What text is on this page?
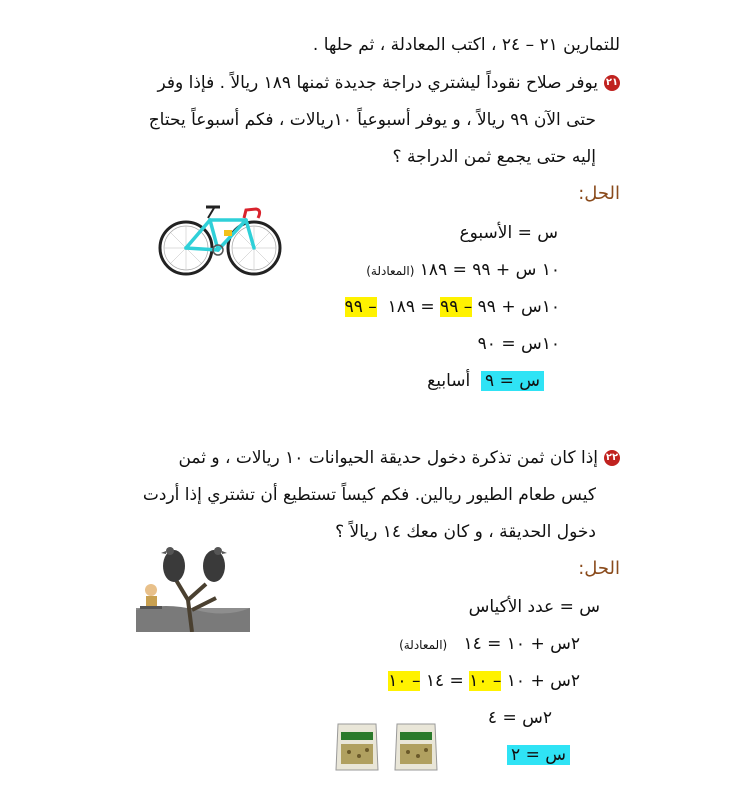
للتمارين ٢١ – ٢٤ ، اكتب المعادلة ، ثم حلها .
٢١يوفر صلاح نقوداً ليشتري دراجة جديدة ثمنها ١٨٩ ريالاً . فإذا وفر
حتى الآن ٩٩ ريالاً ، و يوفر أسبوعياً ١٠ريالات ، فكم أسبوعاً يحتاج
إليه حتى يجمع ثمن الدراجة ؟
الحل:
س = الأسبوع
١٠ س + ٩٩ = ١٨٩ (المعادلة)
١٠س + ٩٩ – ٩٩ = ١٨٩  – ٩٩
١٠س = ٩٠
س = ٩  أسابيع
٢٢إذا كان ثمن تذكرة دخول حديقة الحيوانات ١٠ ريالات ، و ثمن
كيس طعام الطيور ريالين. فكم كيساً تستطيع أن تشتري إذا أردت
دخول الحديقة ، و كان معك ١٤ ريالاً ؟
الحل:
س = عدد الأكياس
٢س + ١٠ = ١٤   (المعادلة)
٢س + ١٠ – ١٠ = ١٤ – ١٠
٢س = ٤
س = ٢
